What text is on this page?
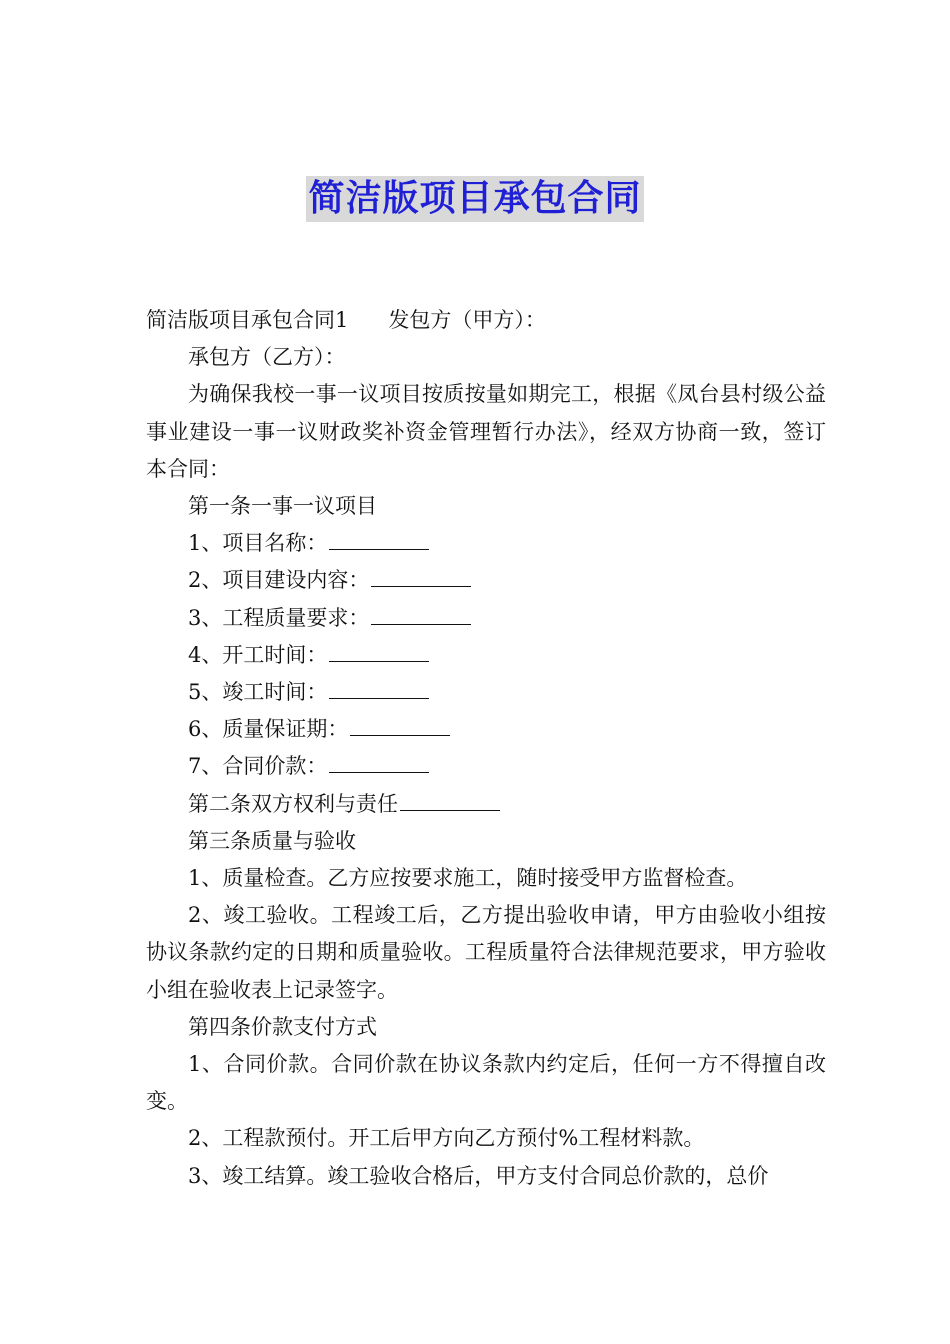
简洁版项目承包合同

简洁版项目承包合同1 发包方（甲方）：

承包方（乙方）：

为确保我校一事一议项目按质按量如期完工，根据《凤台县村级公益事业建设一事一议财政奖补资金管理暂行办法》，经双方协商一致，签订本合同：

第一条一事一议项目

1、项目名称：

2、项目建设内容：

3、工程质量要求：

4、开工时间：

5、竣工时间：

6、质量保证期：

7、合同价款：

第二条双方权利与责任

第三条质量与验收

1、质量检查。乙方应按要求施工，随时接受甲方监督检查。

2、竣工验收。工程竣工后，乙方提出验收申请，甲方由验收小组按协议条款约定的日期和质量验收。工程质量符合法律规范要求，甲方验收小组在验收表上记录签字。

第四条价款支付方式

1、合同价款。合同价款在协议条款内约定后，任何一方不得擅自改变。

2、工程款预付。开工后甲方向乙方预付%工程材料款。

3、竣工结算。竣工验收合格后，甲方支付合同总价款的，总价
